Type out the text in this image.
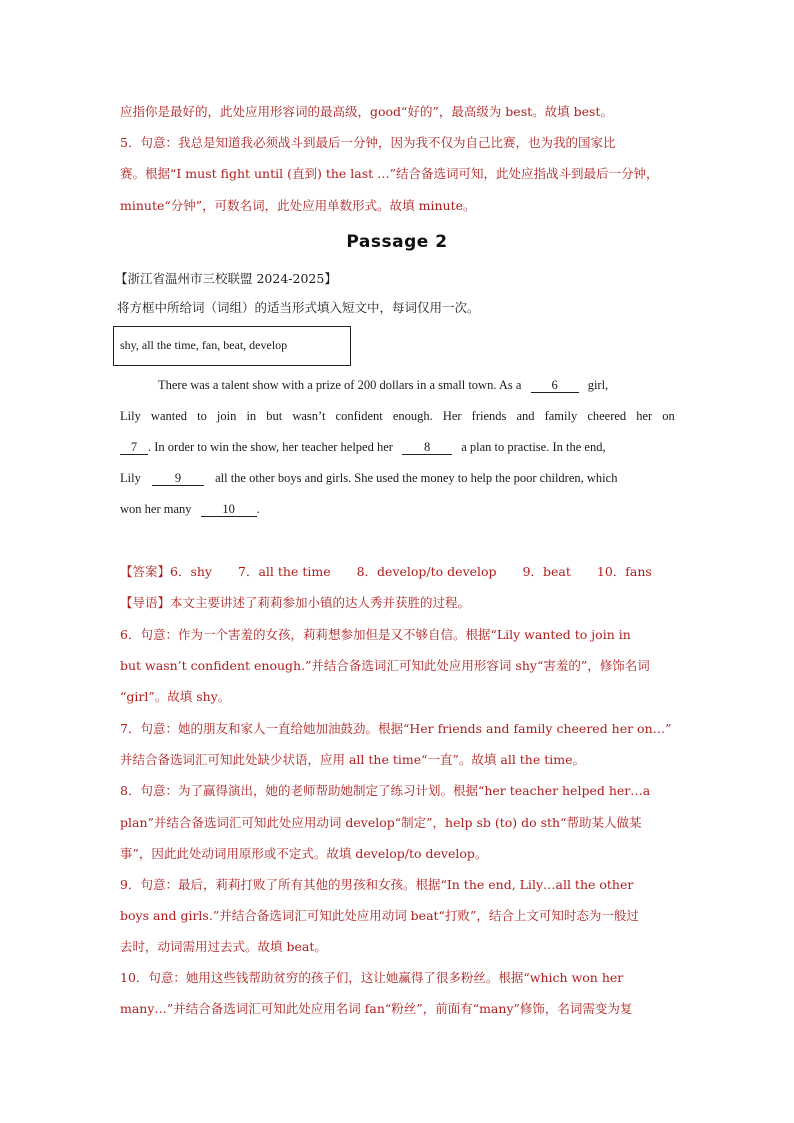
应指你是最好的，此处应用形容词的最高级，good“好的”，最高级为 best。故填 best。
5．句意：我总是知道我必须战斗到最后一分钟，因为我不仅为自己比赛，也为我的国家比
赛。根据“I must fight until (直到) the last …”结合备选词可知，此处应指战斗到最后一分钟，
minute“分钟”，可数名词，此处应用单数形式。故填 minute。
Passage 2
【浙江省温州市三校联盟 2024-2025】
将方框中所给词（词组）的适当形式填入短文中，每词仅用一次。
shy, all the time, fan, beat, develop
There was a talent show with a prize of 200 dollars in a small town. As a 6 girl,
Lily wanted to join in but wasn’t confident enough. Her friends and family cheered her on
7 . In order to win the show, her teacher helped her 8 a plan to practise. In the end,
Lily	9	all the other boys and girls. She used the money to help the poor children, which
won her many 10 .
【答案】6．shy 7．all the time 8．develop/to develop 9．beat 10．fans
【导语】本文主要讲述了莉莉参加小镇的达人秀并获胜的过程。
6．句意：作为一个害羞的女孩，莉莉想参加但是又不够自信。根据“Lily wanted to join in
but wasn’t confident enough.”并结合备选词汇可知此处应用形容词 shy“害羞的”，修饰名词
“girl”。故填 shy。
7．句意：她的朋友和家人一直给她加油鼓劲。根据“Her friends and family cheered her on…”
并结合备选词汇可知此处缺少状语，应用 all the time“一直”。故填 all the time。
8．句意：为了赢得演出，她的老师帮助她制定了练习计划。根据“her teacher helped her…a
plan”并结合备选词汇可知此处应用动词 develop“制定”，help sb (to) do sth“帮助某人做某
事”，因此此处动词用原形或不定式。故填 develop/to develop。
9．句意：最后，莉莉打败了所有其他的男孩和女孩。根据“In the end, Lily…all the other
boys and girls.”并结合备选词汇可知此处应用动词 beat“打败”，结合上文可知时态为一般过
去时，动词需用过去式。故填 beat。
10．句意：她用这些钱帮助贫穷的孩子们，这让她赢得了很多粉丝。根据“which won her
many…”并结合备选词汇可知此处应用名词 fan“粉丝”，前面有“many”修饰，名词需变为复
